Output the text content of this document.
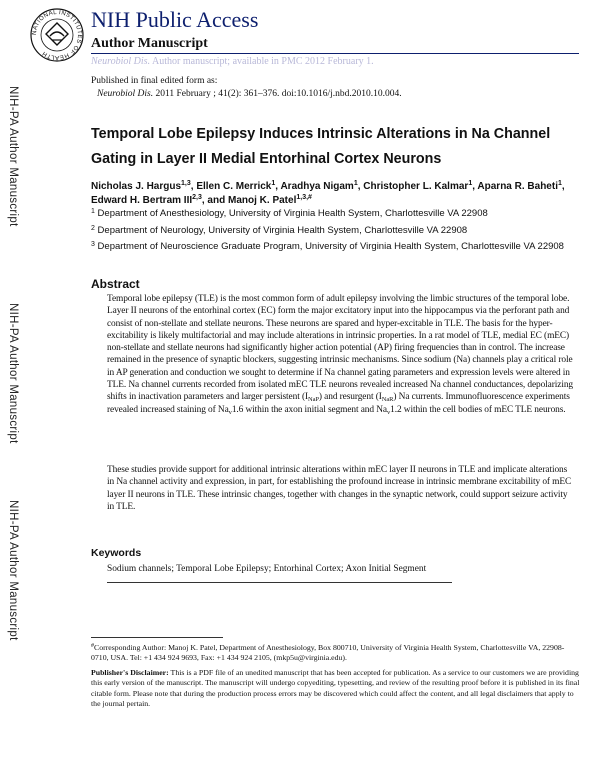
NATIONAL INSTITUTES OF HEALTH
NIH Public Access
Author Manuscript
Neurobiol Dis. Author manuscript; available in PMC 2012 February 1.
NIH-PA Author Manuscript
NIH-PA Author Manuscript
NIH-PA Author Manuscript
Published in final edited form as:
Neurobiol Dis. 2011 February ; 41(2): 361–376. doi:10.1016/j.nbd.2010.10.004.
Temporal Lobe Epilepsy Induces Intrinsic Alterations in Na Channel Gating in Layer II Medial Entorhinal Cortex Neurons
Nicholas J. Hargus$^{1,3}$, Ellen C. Merrick$^1$, Aradhya Nigam$^1$, Christopher L. Kalmar$^1$, Aparna R. Baheti$^1$, Edward H. Bertram III$^{2,3}$, and Manoj K. Patel$^{1,3,\#}$
$^1$ Department of Anesthesiology, University of Virginia Health System, Charlottesville VA 22908
$^2$ Department of Neurology, University of Virginia Health System, Charlottesville VA 22908
$^3$ Department of Neuroscience Graduate Program, University of Virginia Health System, Charlottesville VA 22908
Abstract

Temporal lobe epilepsy (TLE) is the most common form of adult epilepsy involving the limbic structures of the temporal lobe. Layer II neurons of the entorhinal cortex (EC) form the major excitatory input into the hippocampus via the perforant path and consist of non-stellate and stellate neurons. These neurons are spared and hyper-excitable in TLE. The basis for the hyper-excitability is likely multifactorial and may include alterations in intrinsic properties. In a rat model of TLE, medial EC (mEC) non-stellate and stellate neurons had significantly higher action potential (AP) firing frequencies than in control. The increase remained in the presence of synaptic blockers, suggesting intrinsic mechanisms. Since sodium (Na) channels play a critical role in AP generation and conduction we sought to determine if Na channel gating parameters and expression levels were altered in TLE. Na channel currents recorded from isolated mEC TLE neurons revealed increased Na channel conductances, depolarizing shifts in inactivation parameters and larger persistent $(I_{NaP})$ and resurgent $(I_{NaR})$ Na currents. Immunofluorescence experiments revealed increased staining of $Na_v1.6$ within the axon initial segment and $Na_v1.2$ within the cell bodies of mEC TLE neurons.

These studies provide support for additional intrinsic alterations within mEC layer II neurons in TLE and implicate alterations in Na channel activity and expression, in part, for establishing the profound increase in intrinsic membrane excitability of mEC layer II neurons in TLE. These intrinsic changes, together with changes in the synaptic network, could support seizure activity in TLE.

Keywords
Sodium channels; Temporal Lobe Epilepsy; Entorhinal Cortex; Axon Initial Segment
#Corresponding Author: Manoj K. Patel, Department of Anesthesiology, Box 800710, University of Virginia Health System, Charlottesville VA, 22908-0710, USA. Tel: +1 434 924 9693, Fax: +1 434 924 2105, (mkp5u@virginia.edu).
Publisher's Disclaimer: This is a PDF file of an unedited manuscript that has been accepted for publication. As a service to our customers we are providing this early version of the manuscript. The manuscript will undergo copyediting, typesetting, and review of the resulting proof before it is published in its final citable form. Please note that during the production process errors may be discovered which could affect the content, and all legal disclaimers that apply to the journal pertain.
